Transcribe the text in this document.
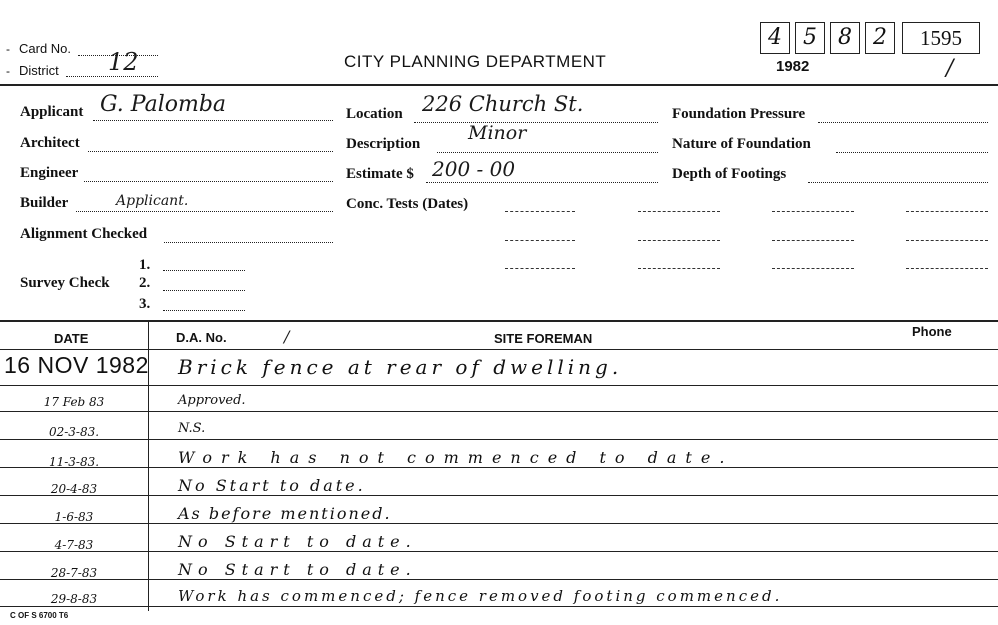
Card No.
District 12
-
-	CITY PLANNING DEPARTMENT
4 5 8 2	1595
1982	/
Applicant G. Palomba
Architect
Engineer
Builder	Applicant.
Alignment Checked
Survey Check
1.
2.
3.
Location 226 Church St.
Description	Minor
Estimate $ 200 - 00
Conc. Tests (Dates)
Foundation Pressure
Nature of Foundation
Depth of Footings
DATE	D.A. No.	/	SITE FOREMAN	Phone
16 NOV 1982 Brick fence at rear of dwelling.
17 Feb 83	Approved.
02-3-83.	N.S.
11-3-83.	Work has not commenced to date.
20-4-83	No Start to date.
1-6-83	As before mentioned.
4-7-83	No Start to date.
28-7-83	No Start to date.
29-8-83	Work has commenced; fence removed footing commenced.
C OF S 6700 T6
